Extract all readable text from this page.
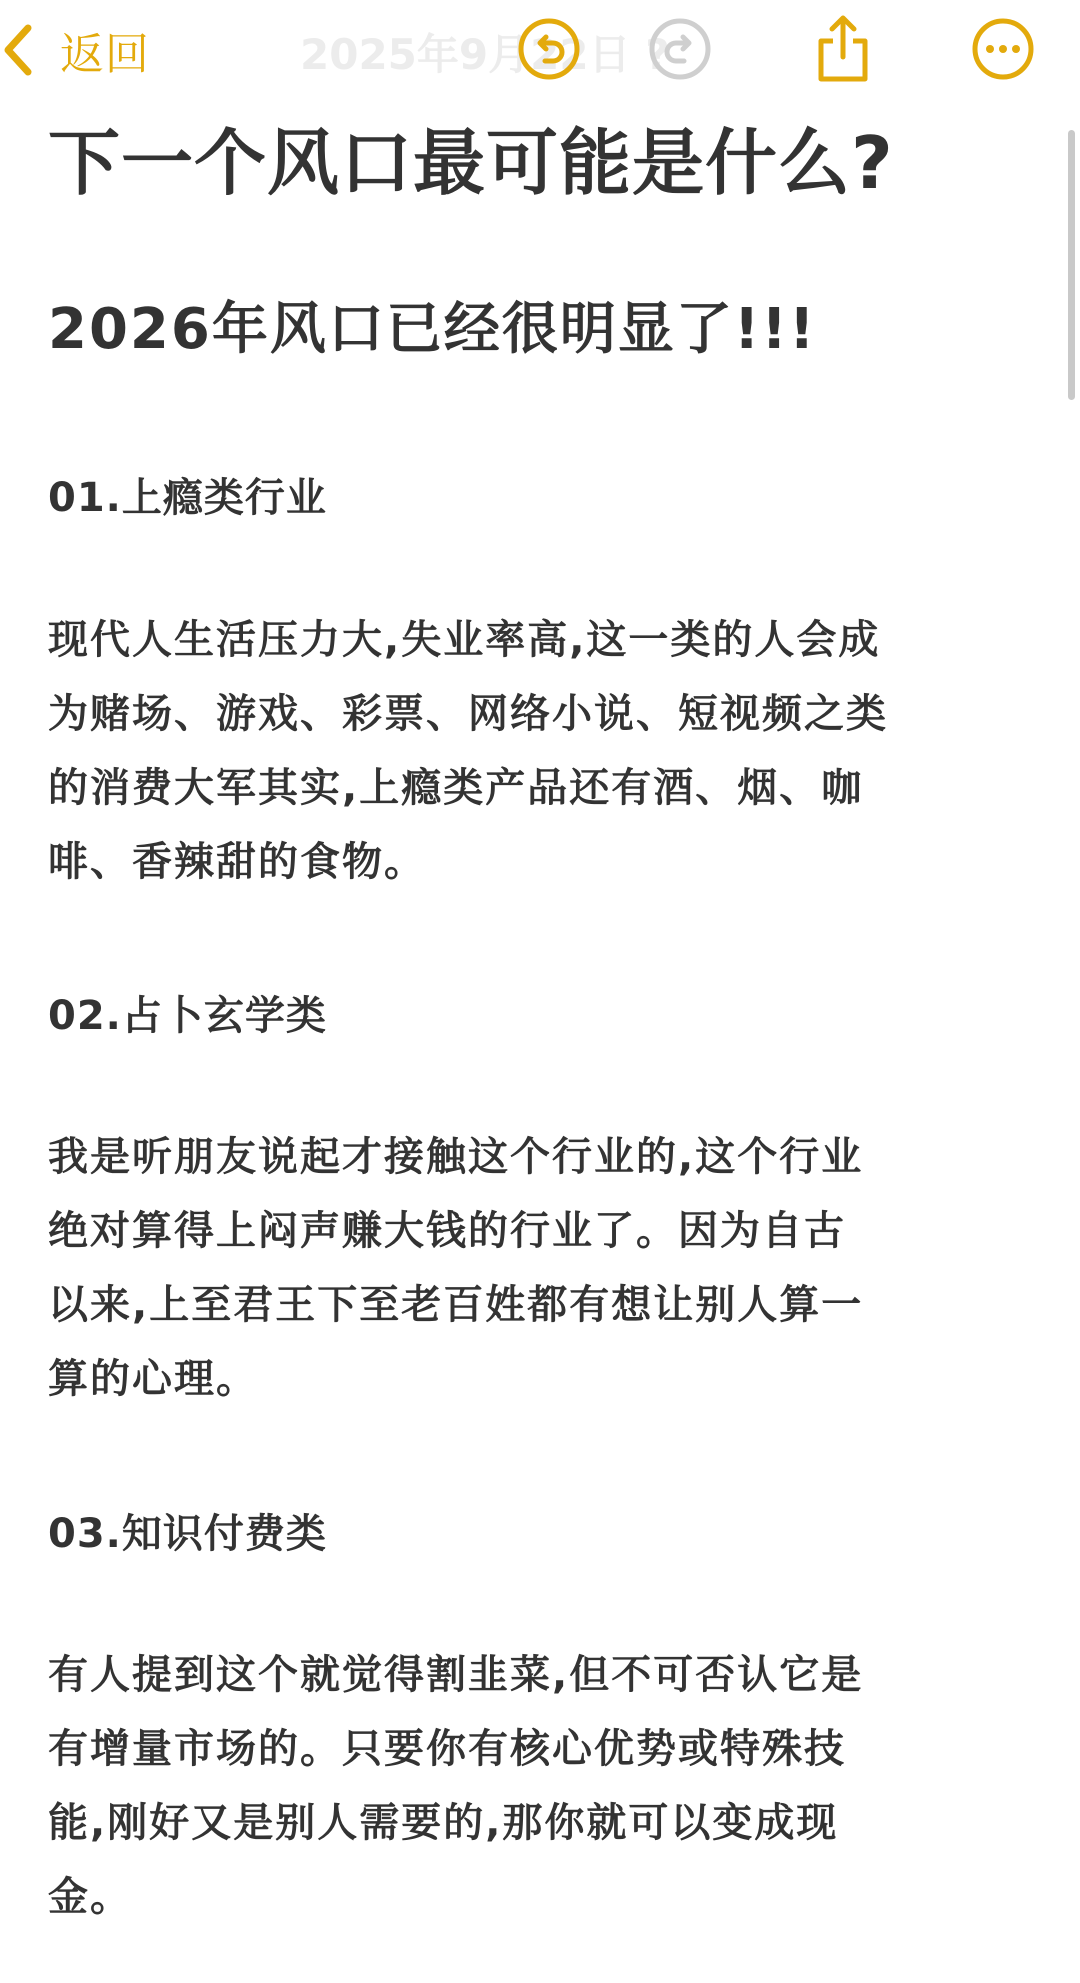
返回	2025年9月22日 ?
下一个风口最可能是什么?
2026年风口已经很明显了!!!
01.上瘾类行业
现代人生活压力大,失业率高,这一类的人会成
为赌场、游戏、彩票、网络小说、短视频之类
的消费大军其实,上瘾类产品还有酒、烟、咖
啡、香辣甜的食物。
02.占卜玄学类
我是听朋友说起才接触这个行业的,这个行业
绝对算得上闷声赚大钱的行业了。因为自古
以来,上至君王下至老百姓都有想让别人算一
算的心理。
03.知识付费类
有人提到这个就觉得割韭菜,但不可否认它是
有增量市场的。只要你有核心优势或特殊技
能,刚好又是别人需要的,那你就可以变成现
金。
